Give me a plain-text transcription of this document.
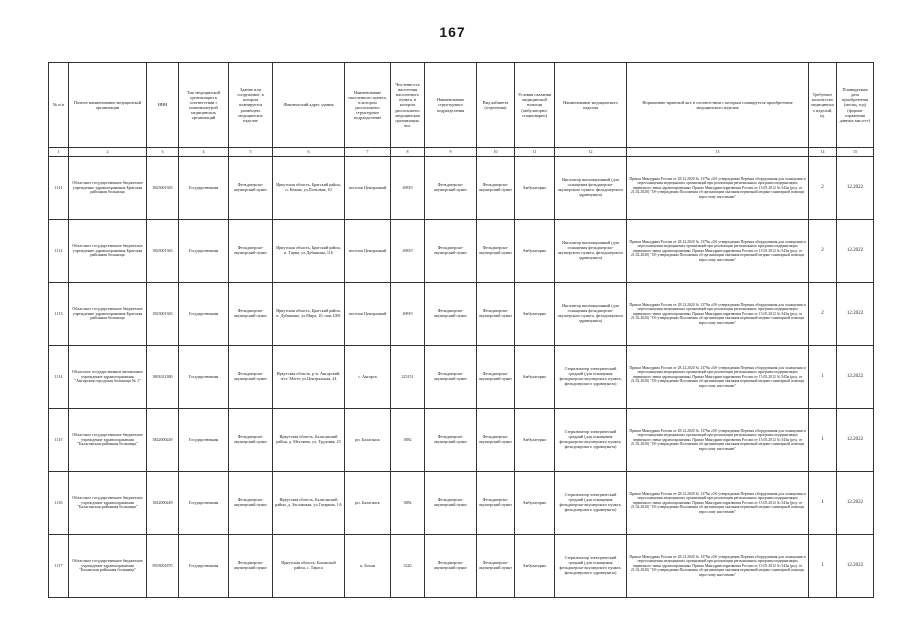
167
№ п/п	Полное наименование медицинской организации	ИНН	Тип медицинской организации в соответствии с номенклатурой медицинских организаций	Здание или сооружение, в котором планируется размещать медицинское изделие	Фактический адрес здания	Наименование населенного пункта, в котором расположено структурное подразделение	Численность населения населенного пункта, в котором расположено медицинская организация, чел.	Наименование структурного подразделения	Вид кабинета (отделения)	Условия оказания медицинской помощи (амбулаторно/стационарно)	Наименование медицинского изделия	Нормативно-правовой акт, в соответствии с которым планируется приобретение медицинского изделия	Требуемое количество медицинских изделий, ед.	Планируемая дата приобретения (месяц, год) (формат отражения данных мм.гггг)
1	2	3	4	5	6	7	8	9	10	11	12	13	14	15
1111	Областное государственное бюджетное учреждение здравоохранения Братская районная больница	3823001365	Государственная	Фельдшерско-акушерский пункт	Иркутская область, Братский район, п. Кежма, ул.Почтовая, 10	поселок Централный	49819	Фельдшерско-акушерский пункт	Фельдшерско-акушерский пункт	Амбулаторно	Ингалятор ингаляционный (для оснащения фельдшерско-акушерского пункта, фельдшерского здравпункта)	Приказ Минздрава России от 28.12.2020 № 1379н «Об утверждении Перечня оборудования для оснащения и переоснащения медицинских организаций при реализации региональных программ модернизации первичного звена здравоохранения» Приказ Минздравсоцразвития России от 15.05.2012 № 543н (ред. от 21.02.2020) "Об утверждении Положения об организации оказания первичной медико-санитарной помощи взрослому населению"	2	12.2022
1112	Областное государственное бюджетное учреждение здравоохранения Братская районная больница	3823001365	Государственная	Фельдшерско-акушерский пункт	Иркутская область, Братский район, п. Тарма, ул.Дубынина, 116	поселок Централный	49819	Фельдшерско-акушерский пункт	Фельдшерско-акушерский пункт	Амбулаторно	Ингалятор ингаляционный (для оснащения фельдшерско-акушерского пункта, фельдшерского здравпункта)	Приказ Минздрава России от 28.12.2020 № 1379н «Об утверждении Перечня оборудования для оснащения и переоснащения медицинских организаций при реализации региональных программ модернизации первичного звена здравоохранения» Приказ Минздравсоцразвития России от 15.05.2012 № 543н (ред. от 21.02.2020) "Об утверждении Положения об организации оказания первичной медико-санитарной помощи взрослому населению"	2	12.2022
1113	Областное государственное бюджетное учреждение здравоохранения Братская районная больница	3823001365	Государственная	Фельдшерско-акушерский пункт	Иркутская область, Братский район, п. Дубынино, ул.Мира, 10, пом.1001	поселок Централный	49819	Фельдшерско-акушерский пункт	Фельдшерско-акушерский пункт	Амбулаторно	Ингалятор ингаляционный (для оснащения фельдшерско-акушерского пункта, фельдшерского здравпункта)	Приказ Минздрава России от 28.12.2020 № 1379н «Об утверждении Перечня оборудования для оснащения и переоснащения медицинских организаций при реализации региональных программ модернизации первичного звена здравоохранения» Приказ Минздравсоцразвития России от 15.05.2012 № 543н (ред. от 21.02.2020) "Об утверждении Положения об организации оказания первичной медико-санитарной помощи взрослому населению"	2	12.2022
1114	Областное государственное автономное учреждение здравоохранения "Ангарская городская больница № 1"	3801012380	Государственная	Фельдшерско-акушерский пункт	Иркутская область, р-н. Ангарский, п/ст. Мегет, ул.Центральная, 24	с. Ангарск	225151	Фельдшерско-акушерский пункт	Фельдшерско-акушерский пункт	Амбулаторно	Стерилизатор электрический средний (для оснащения фельдшерско-акушерского пункта, фельдшерского здравпункта)	Приказ Минздрава России от 28.12.2020 № 1379н «Об утверждении Перечня оборудования для оснащения и переоснащения медицинских организаций при реализации региональных программ модернизации первичного звена здравоохранения» Приказ Минздравсоцразвития России от 15.05.2012 № 543н (ред. от 21.02.2020) "Об утверждении Положения об организации оказания первичной медико-санитарной помощи взрослому населению"	1	12.2022
1115	Областное государственное бюджетное учреждение здравоохранения "Балаганская районная больница"	3822000249	Государственная	Фельдшерско-акушерский пункт	Иркутская область, Балаганский район, д. Метляева, ул. Трудовая, 23	рп. Балаганск	3882	Фельдшерско-акушерский пункт	Фельдшерско-акушерский пункт	Амбулаторно	Стерилизатор электрический средний (для оснащения фельдшерско-акушерского пункта, фельдшерского здравпункта)	Приказ Минздрава России от 28.12.2020 № 1379н «Об утверждении Перечня оборудования для оснащения и переоснащения медицинских организаций при реализации региональных программ модернизации первичного звена здравоохранения» Приказ Минздравсоцразвития России от 15.05.2012 № 543н (ред. от 21.02.2020) "Об утверждении Положения об организации оказания первичной медико-санитарной помощи взрослому населению"	1	12.2022
1116	Областное государственное бюджетное учреждение здравоохранения "Балаганская районная больница"	3822000249	Государственная	Фельдшерско-акушерский пункт	Иркутская область, Балаганский район, д. Заславская, ул.Гагарина, 1А	рп. Балаганск	3882	Фельдшерско-акушерский пункт	Фельдшерско-акушерский пункт	Амбулаторно	Стерилизатор электрический средний (для оснащения фельдшерско-акушерского пункта, фельдшерского здравпункта)	Приказ Минздрава России от 28.12.2020 № 1379н «Об утверждении Перечня оборудования для оснащения и переоснащения медицинских организаций при реализации региональных программ модернизации первичного звена здравоохранения» Приказ Минздравсоцразвития России от 15.05.2012 № 543н (ред. от 21.02.2020) "Об утверждении Положения об организации оказания первичной медико-санитарной помощи взрослому населению"	1	12.2022
1117	Областное государственное бюджетное учреждение здравоохранения "Боханская районная больница"	8503001870	Государственная	Фельдшерско-акушерский пункт	Иркутская область, Боханский район, с. Тараса	п. Бохан	5220	Фельдшерско-акушерский пункт	Фельдшерско-акушерский пункт	Амбулаторно	Стерилизатор электрический средний (для оснащения фельдшерско-акушерского пункта, фельдшерского здравпункта)	Приказ Минздрава России от 28.12.2020 № 1379н «Об утверждении Перечня оборудования для оснащения и переоснащения медицинских организаций при реализации региональных программ модернизации первичного звена здравоохранения» Приказ Минздравсоцразвития России от 15.05.2012 № 543н (ред. от 21.02.2020) "Об утверждении Положения об организации оказания первичной медико-санитарной помощи взрослому населению"	1	12.2022
